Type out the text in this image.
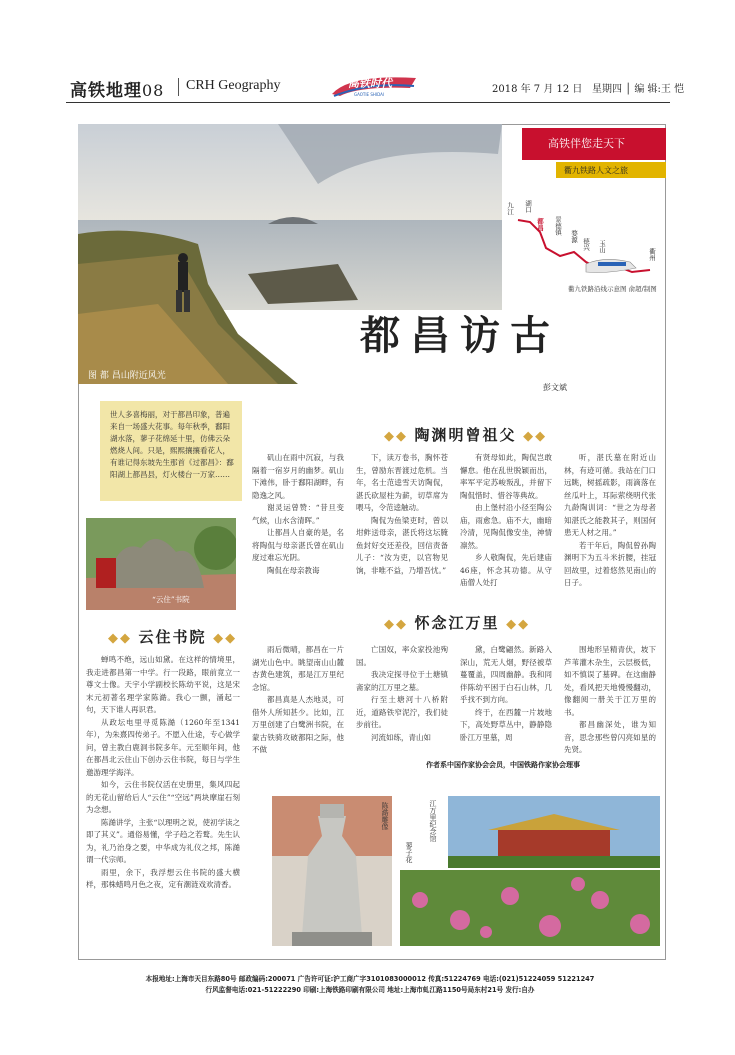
高铁地理08 CRH Geography	高铁时代
GAOTIE SHIDAI	2018 年 7 月 12 日 星期四 │ 编 辑:王 恺
图 都 昌山附近风光
高铁伴您走天下
衢九铁路人文之旅
九江 湖口
都昌 景德镇
婺源
德兴 玉山
衢州
衢九铁路沿线示意图 俞超/制图
都昌访古
彭文斌
世人多喜梅丽，对于都昌印象，普遍来自一场盛大花事。每年秋季，鄱阳湖水落，蓼子花绵延十里，仿佛云朵燃烧人间。只是，熙熙攘攘看花人，有谁记得东坡先生那首《过都昌》：鄱阳湖上都昌县，灯火楼台一万家……
“云住”书院
◆◆ 陶渊明曾祖父 ◆◆
◆◆ 云住书院 ◆◆
◆◆ 怀念江万里 ◆◆

矶山在雨中沉寂，与我隔着一宿岁月的幽梦。矶山下滩伟，卧于鄱阳湖畔，有隐逸之风。

谢灵运曾赞：“昔旦变气候，山水含清晖。”

让都昌人自豪的是，名将陶侃与母亲湛氏曾在矶山度过难忘光阴。

陶侃在母亲教诲

下，读万卷书，胸怀苍生，曾励东晋渡过危机。当年，名士范逵雪天访陶侃，湛氏砍屋柱为薪，切草席为喂马，令范逵触动。

陶侃为鱼梁吏时，曾以坩鲊送母亲，湛氏将这坛腌鱼封好交还差役，回信责备儿子：“汝为吏，以官物见饷，非唯不益，乃增吾忧。”

有贤母如此，陶侃岂敢懈怠。他在乱世脱颖而出，率军平定苏峻叛乱，并留下陶侃惜时、惜谷等典故。

由上堡村沿小径至陶公庙，雨愈急。庙不大，幽暗冷清，见陶侃像安坐，神情凛然。

乡人敬陶侃，先后建庙46座，怀念其功德。从守庙僧人处打

听，湛氏墓在附近山林，有迹可循。我站在门口远眺，树摇疏影，雨滴落在丝瓜叶上，耳际萦绕明代张九龄陶训词：“世之为母者知湛氏之能教其子，则国何患无人材之用。”

若干年后，陶侃曾孙陶渊明下为五斗米折腰，挂冠回故里，过着悠然见南山的日子。

蝉鸣不绝，远山如黛。在这样的情境里，我走进都昌第一中学。行一段路，眼前竟立一尊文士像。天宇小学副校长陈幼平说，这是宋末元初著名理学家陈澔。我心一颤，涌起一句，天下谁人再识君。

从政坛电里寻觅陈澔（1260年至1341年），为朱熹四传弟子。不愿入仕途，专心做学问，曾主教白鹿洞书院多年。元至顺年间，他在都昌北云住山下创办云住书院，每日与学生邀游理学海洋。

如今，云住书院仅活在史册里，集风四起的无花山留给后人“云住”“空远”两块摩崖石刻为念想。

陈澔讲学，主张“以理明之说，使初学读之即了其义”。通俗易懂，学子趋之若鹜。先生认为，礼乃治身之要，中华成为礼仪之邦，陈澔谓一代宗师。

雨里，余下，我浮想云住书院的盛大横样，那株蜡鸣月色之夜，定有潮涟戏欢清香。

雨后微晴，都昌在一片湖光山色中。眺望南山山麓杏黄色建筑，那是江万里纪念馆。

都昌真是人杰地灵，可借外人所知甚少。比如，江万里创建了白鹭洲书院，在蒙古铁骑攻破都阳之际，他不做

亡国奴，率众家投池殉国。

我决定探寻位于土塘镇斋家的江万里之墓。

行至土塘河十八桥附近，道路铁窄泥泞，我们徒步前往。

河流如练，青山如

黛，白鹭翩然。新路入深山，荒无人烟，野径被草蔓覆盖，四周幽静。我和同伴陈幼平困于白石山林，几乎找不到方向。

终于，在西麓一片坡地下，高处野草丛中，静静隐卧江万里墓，周

围地形呈精青伏，坡下芦苇灌木杂生，云层极低，如不慎误了墓碑。在这幽静处，看风把天地慢慢翻动，像翻阅一册关于江万里的书。

都昌幽深处，谁为知音，思念那些曾闪亮如星的先贤。

作者系中国作家协会会员，中国铁路作家协会理事
陈澔雕像	江万里纪念馆
蓼子花
本报地址:上海市天目东路80号 邮政编码:200071 广告许可证:沪工商广字3101083000012 传真:51224769 电话:(021)51224059 51221247
行风监督电话:021-51222290 印刷:上海铁路印刷有限公司 地址:上海市虬江路1150号局东村21号 发行:自办
